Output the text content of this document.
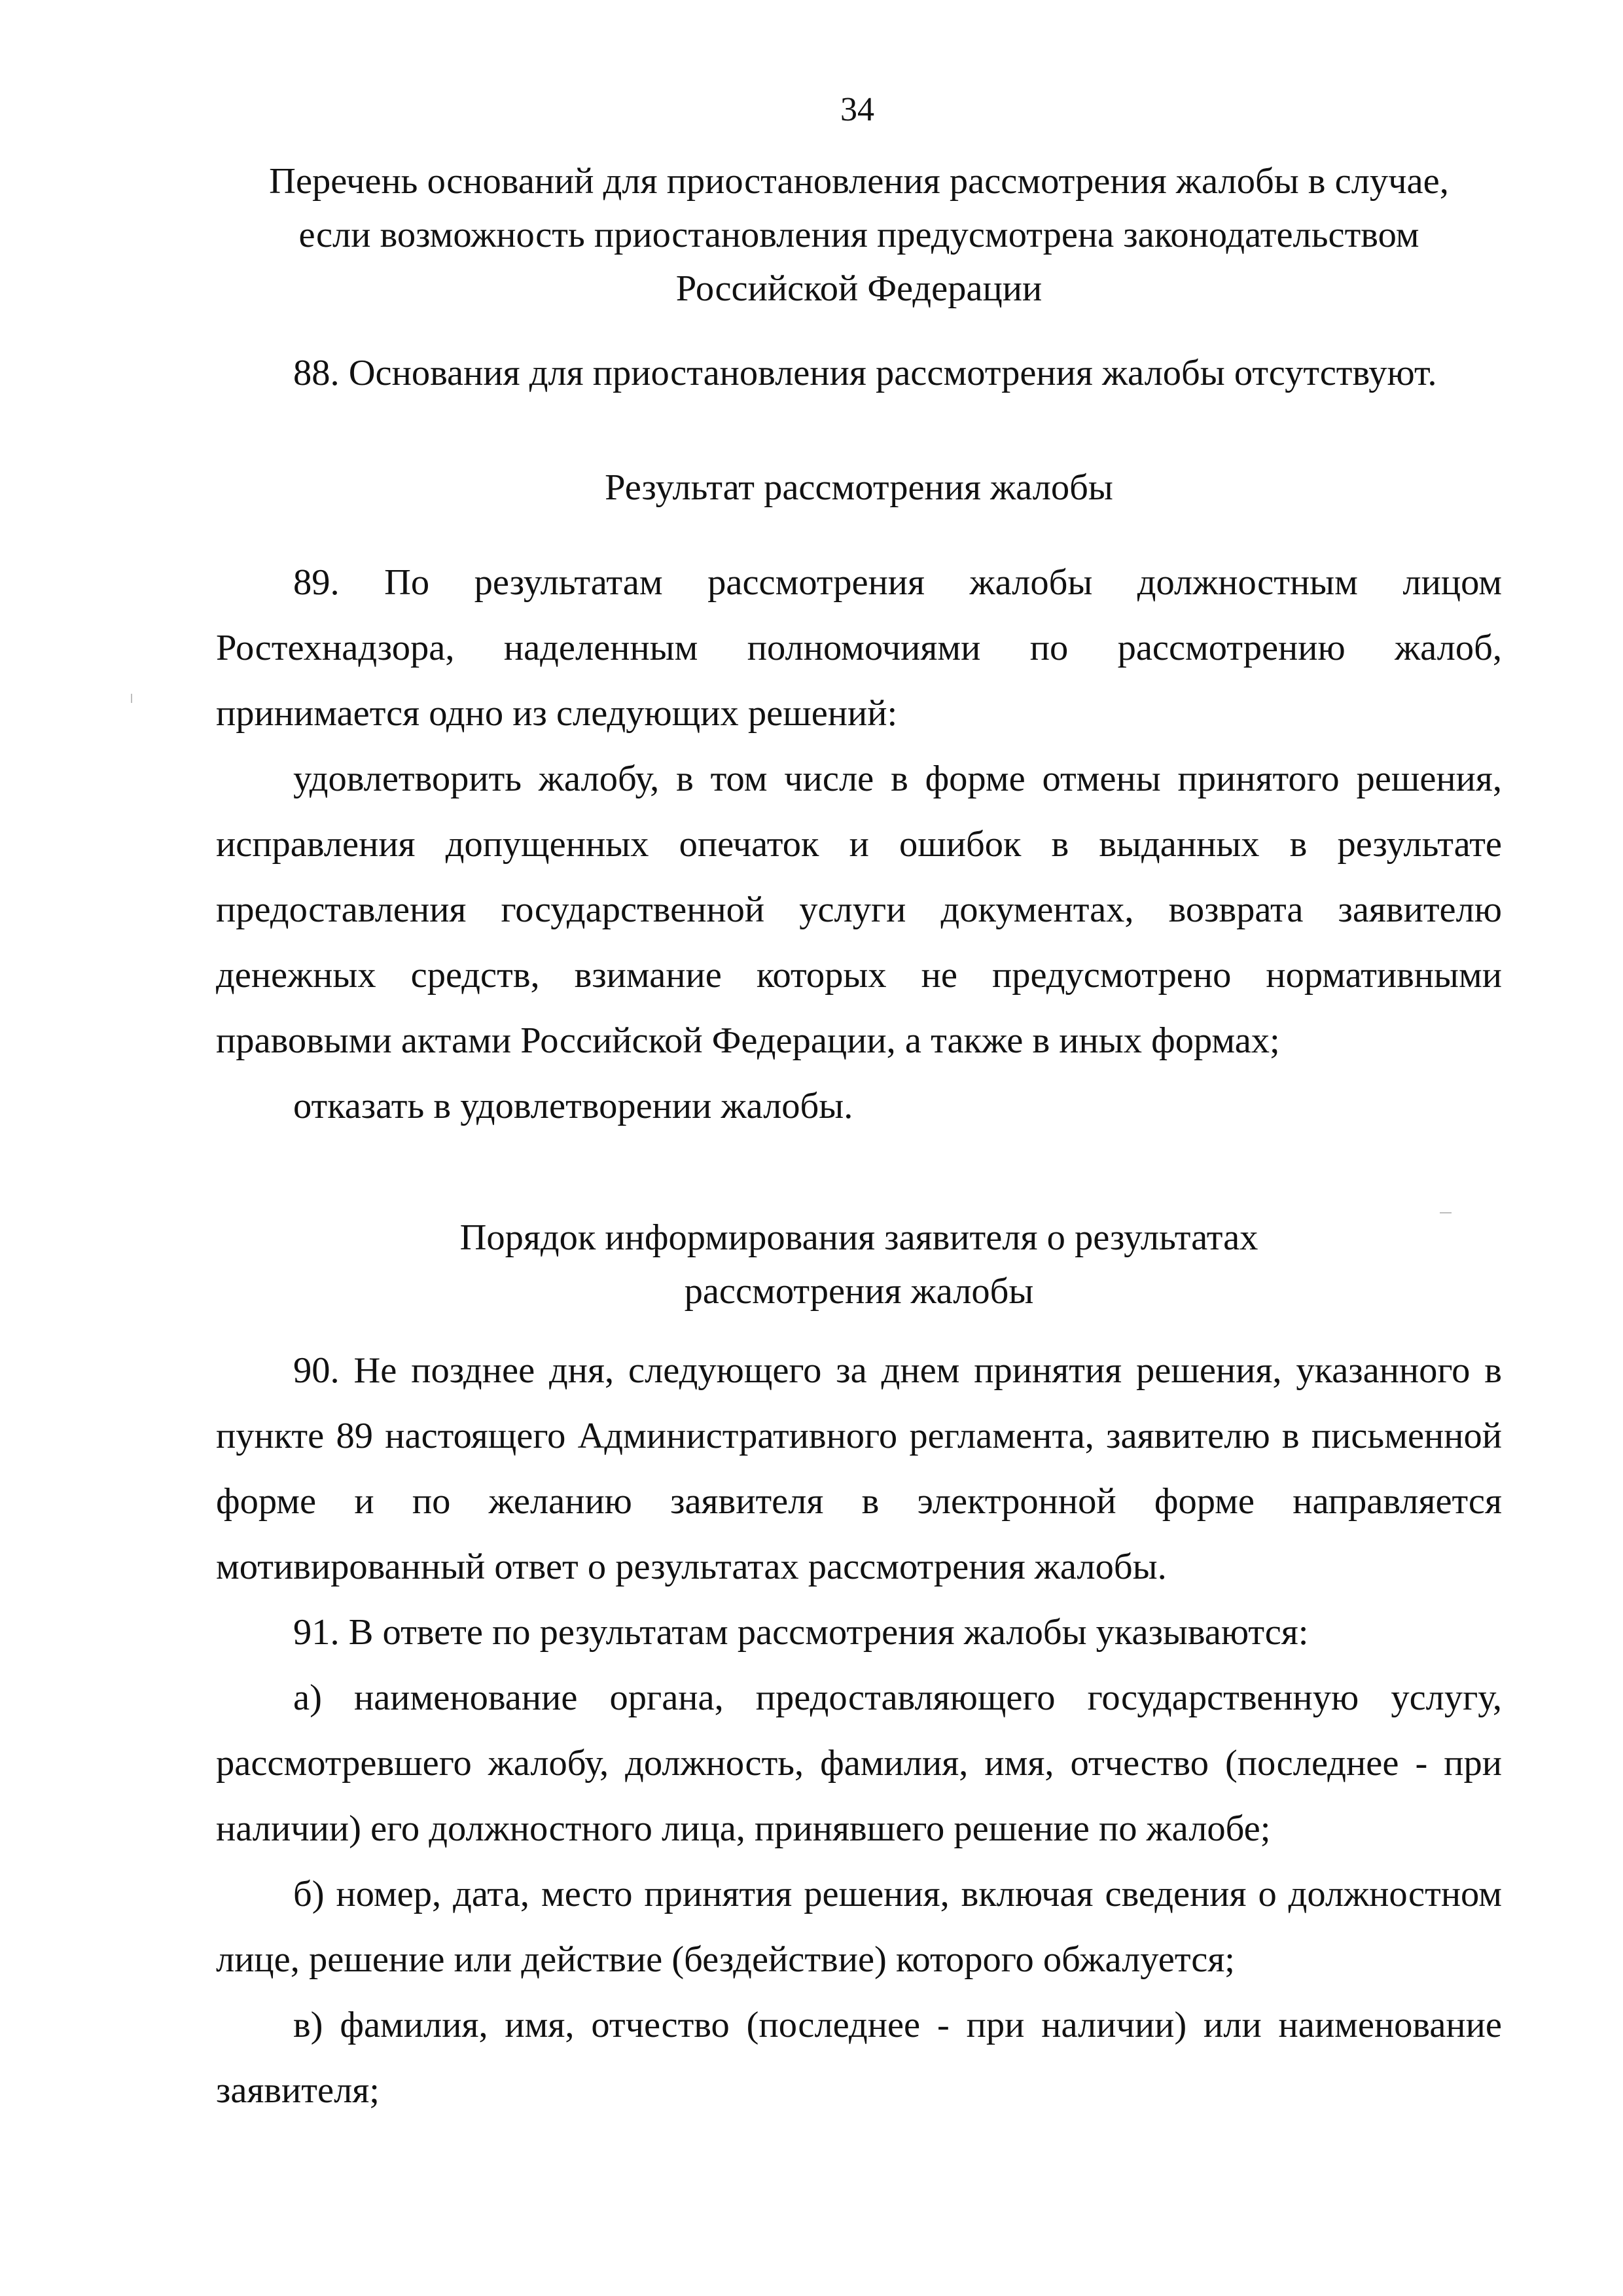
34

Перечень оснований для приостановления рассмотрения жалобы в случае,

если возможность приостановления предусмотрена законодательством

Российской Федерации

88. Основания для приостановления рассмотрения жалобы отсутствуют.

Результат рассмотрения жалобы

89. По результатам рассмотрения жалобы должностным лицом Ростехнадзора, наделенным полномочиями по рассмотрению жалоб, принимается одно из следующих решений:

удовлетворить жалобу, в том числе в форме отмены принятого решения, исправления допущенных опечаток и ошибок в выданных в результате предоставления государственной услуги документах, возврата заявителю денежных средств, взимание которых не предусмотрено нормативными правовыми актами Российской Федерации, а также в иных формах;

отказать в удовлетворении жалобы.

Порядок информирования заявителя о результатах

рассмотрения жалобы

90. Не позднее дня, следующего за днем принятия решения, указанного в пункте 89 настоящего Административного регламента, заявителю в письменной форме и по желанию заявителя в электронной форме направляется мотивированный ответ о результатах рассмотрения жалобы.

91. В ответе по результатам рассмотрения жалобы указываются:

а) наименование органа, предоставляющего государственную услугу, рассмотревшего жалобу, должность, фамилия, имя, отчество (последнее - при наличии) его должностного лица, принявшего решение по жалобе;

б) номер, дата, место принятия решения, включая сведения о должностном лице, решение или действие (бездействие) которого обжалуется;

в) фамилия, имя, отчество (последнее - при наличии) или наименование заявителя;
